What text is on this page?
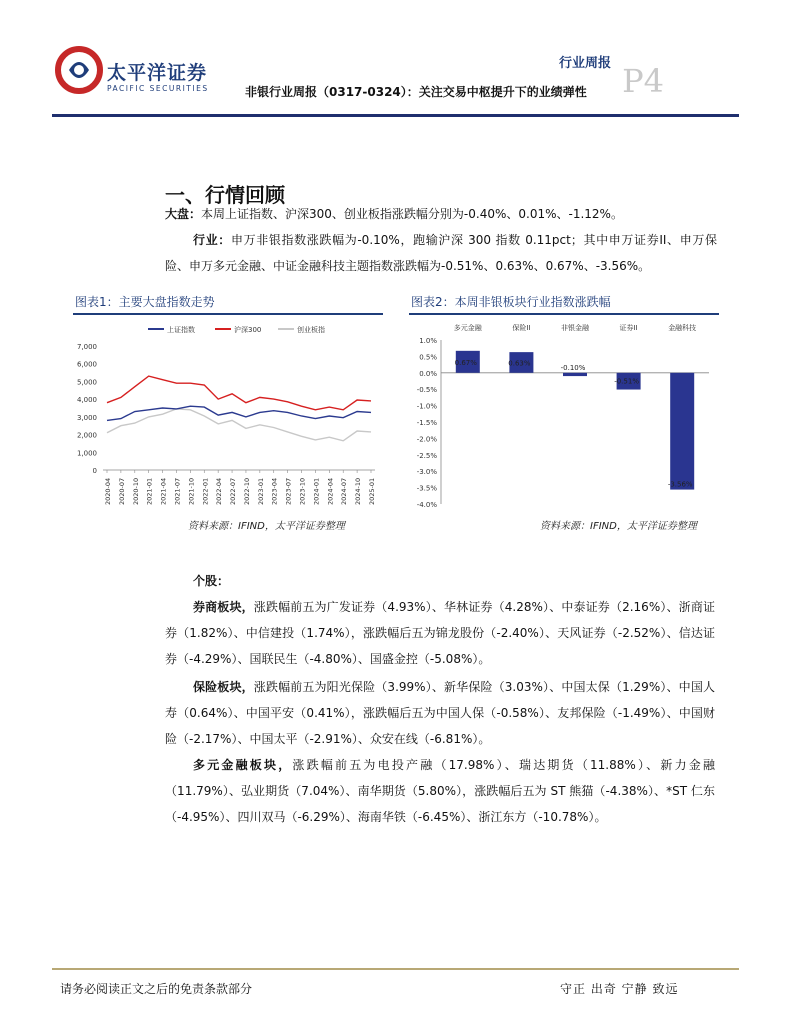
太平洋证券
PACIFIC SECURITIES
行业周报 P4
非银行业周报（0317-0324）：关注交易中枢提升下的业绩弹性
一、行情回顾
大盘：本周上证指数、沪深300、创业板指涨跌幅分别为-0.40%、0.01%、-1.12%。
行业：申万非银指数涨跌幅为-0.10%，跑输沪深 300 指数 0.11pct；其中申万证券II、申万保险、申万多元金融、中证金融科技主题指数涨跌幅为-0.51%、0.63%、0.67%、-3.56%。
图表1：主要大盘指数走势
上证指数	沪深300	创业板指
0
1,000
2,000
3,000
4,000
5,000
6,000
7,000
2020-04 2020-07 2020-10 2021-01 2021-04 2021-07 2021-10 2022-01 2022-04 2022-07 2022-10 2023-01 2023-04 2023-07 2023-10 2024-01 2024-04 2024-07 2024-10 2025-01
资料来源：IFIND，太平洋证券整理
图表2：本周非银板块行业指数涨跌幅
1.0%
0.5%
0.0%
-0.5%
-1.0%
-1.5%
-2.0%
-2.5%
-3.0%
-3.5%
-4.0%
多元金融
0.67%
保险II
0.63%
非银金融
-0.10%
证券II
-0.51%
金融科技
-3.56%
资料来源：IFIND，太平洋证券整理
个股：
券商板块，涨跌幅前五为广发证券（4.93%）、华林证券（4.28%）、中泰证券（2.16%）、浙商证券（1.82%）、中信建投（1.74%），涨跌幅后五为锦龙股份（-2.40%）、天风证券（-2.52%）、信达证券（-4.29%）、国联民生（-4.80%）、国盛金控（-5.08%）。
保险板块，涨跌幅前五为阳光保险（3.99%）、新华保险（3.03%）、中国太保（1.29%）、中国人寿（0.64%）、中国平安（0.41%），涨跌幅后五为中国人保（-0.58%）、友邦保险（-1.49%）、中国财险（-2.17%）、中国太平（-2.91%）、众安在线（-6.81%）。
多元金融板块，涨跌幅前五为电投产融（17.98%）、瑞达期货（11.88%）、新力金融（11.79%）、弘业期货（7.04%）、南华期货（5.80%），涨跌幅后五为 ST 熊猫（-4.38%）、*ST 仁东（-4.95%）、四川双马（-6.29%）、海南华铁（-6.45%）、浙江东方（-10.78%）。
请务必阅读正文之后的免责条款部分	守正 出奇 宁静 致远
